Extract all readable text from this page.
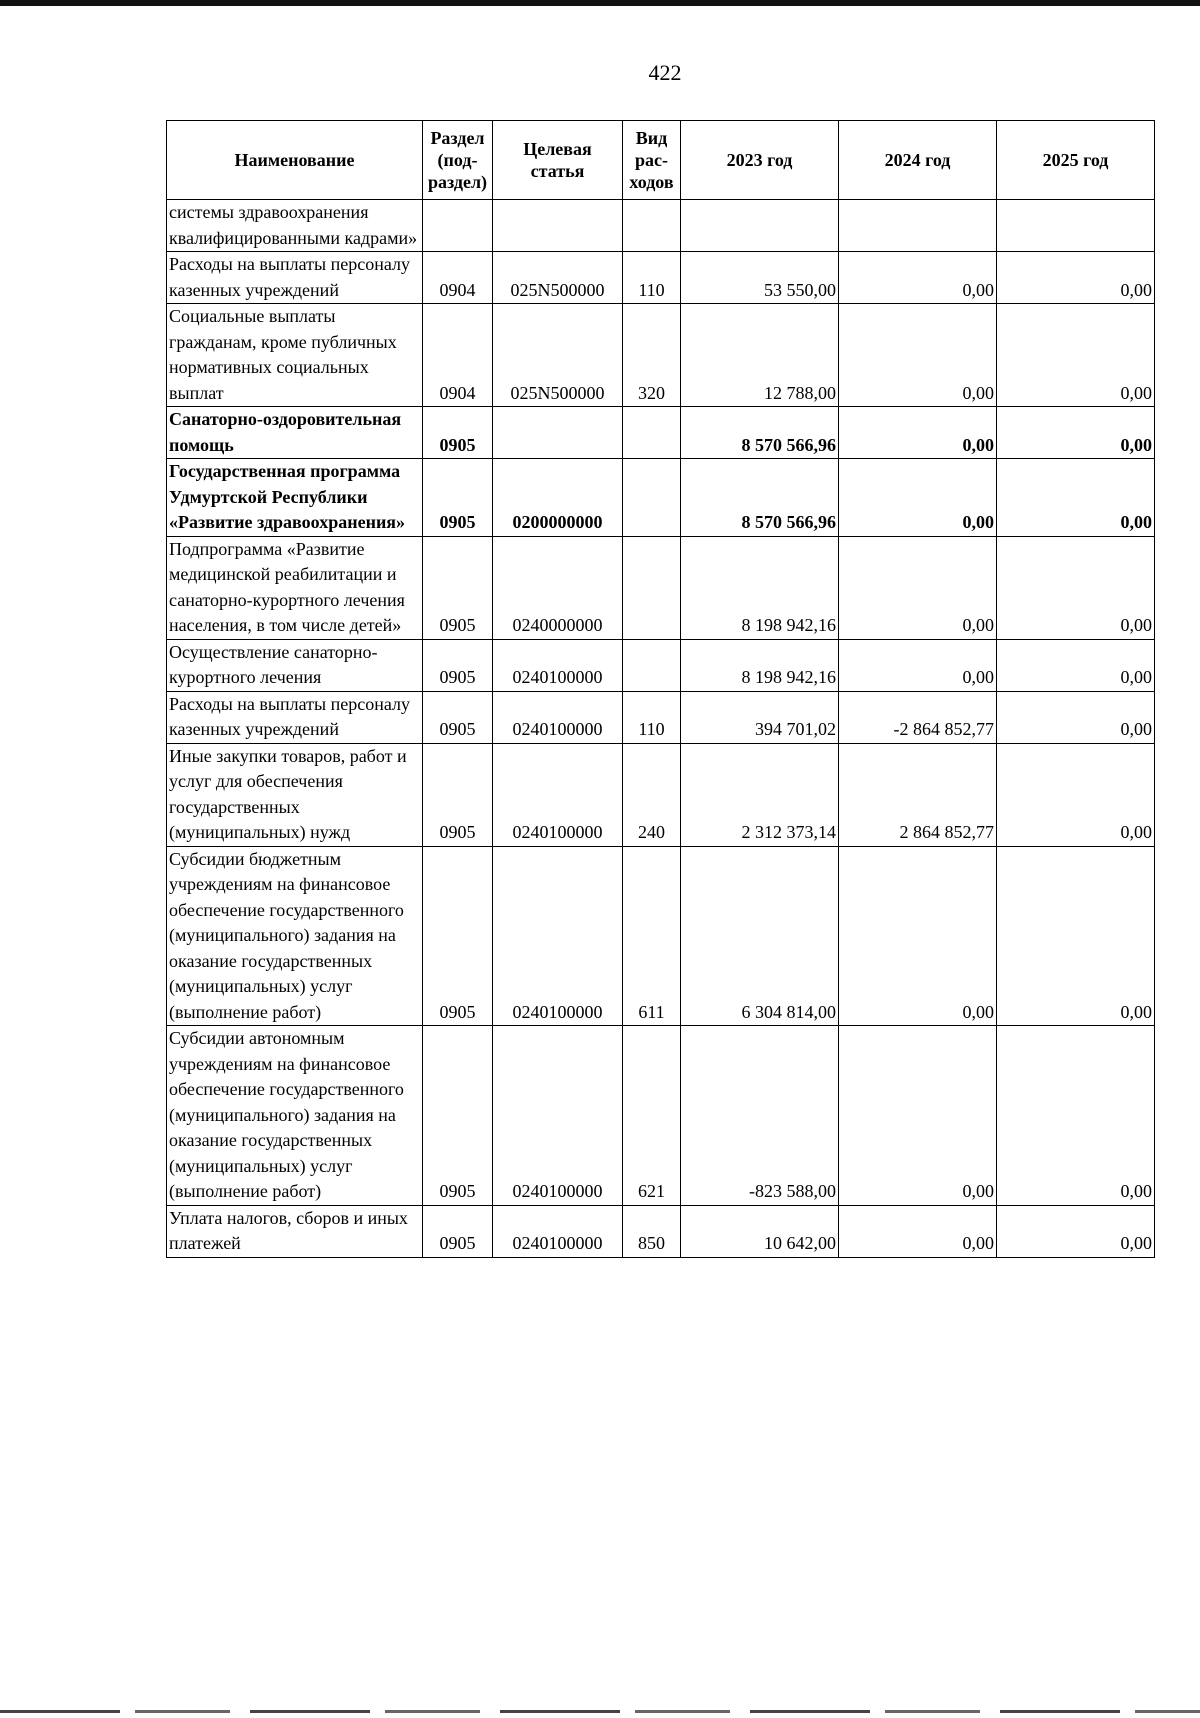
422
Наименование	Раздел (под-раздел)	Целевая статья	Вид рас-ходов	2023 год	2024 год	2025 год
системы здравоохранения квалифицированными кадрами»						
Расходы на выплаты персоналу казенных учреждений	0904	025N500000	110	53 550,00	0,00	0,00
Социальные выплаты гражданам, кроме публичных нормативных социальных выплат	0904	025N500000	320	12 788,00	0,00	0,00
Санаторно-оздоровительная помощь	0905			8 570 566,96	0,00	0,00
Государственная программа Удмуртской Республики «Развитие здравоохранения»	0905	0200000000		8 570 566,96	0,00	0,00
Подпрограмма «Развитие медицинской реабилитации и санаторно-курортного лечения населения, в том числе детей»	0905	0240000000		8 198 942,16	0,00	0,00
Осуществление санаторно-курортного лечения	0905	0240100000		8 198 942,16	0,00	0,00
Расходы на выплаты персоналу казенных учреждений	0905	0240100000	110	394 701,02	-2 864 852,77	0,00
Иные закупки товаров, работ и услуг для обеспечения государственных (муниципальных) нужд	0905	0240100000	240	2 312 373,14	2 864 852,77	0,00
Субсидии бюджетным учреждениям на финансовое обеспечение государственного (муниципального) задания на оказание государственных (муниципальных) услуг (выполнение работ)	0905	0240100000	611	6 304 814,00	0,00	0,00
Субсидии автономным учреждениям на финансовое обеспечение государственного (муниципального) задания на оказание государственных (муниципальных) услуг (выполнение работ)	0905	0240100000	621	-823 588,00	0,00	0,00
Уплата налогов, сборов и иных платежей	0905	0240100000	850	10 642,00	0,00	0,00
